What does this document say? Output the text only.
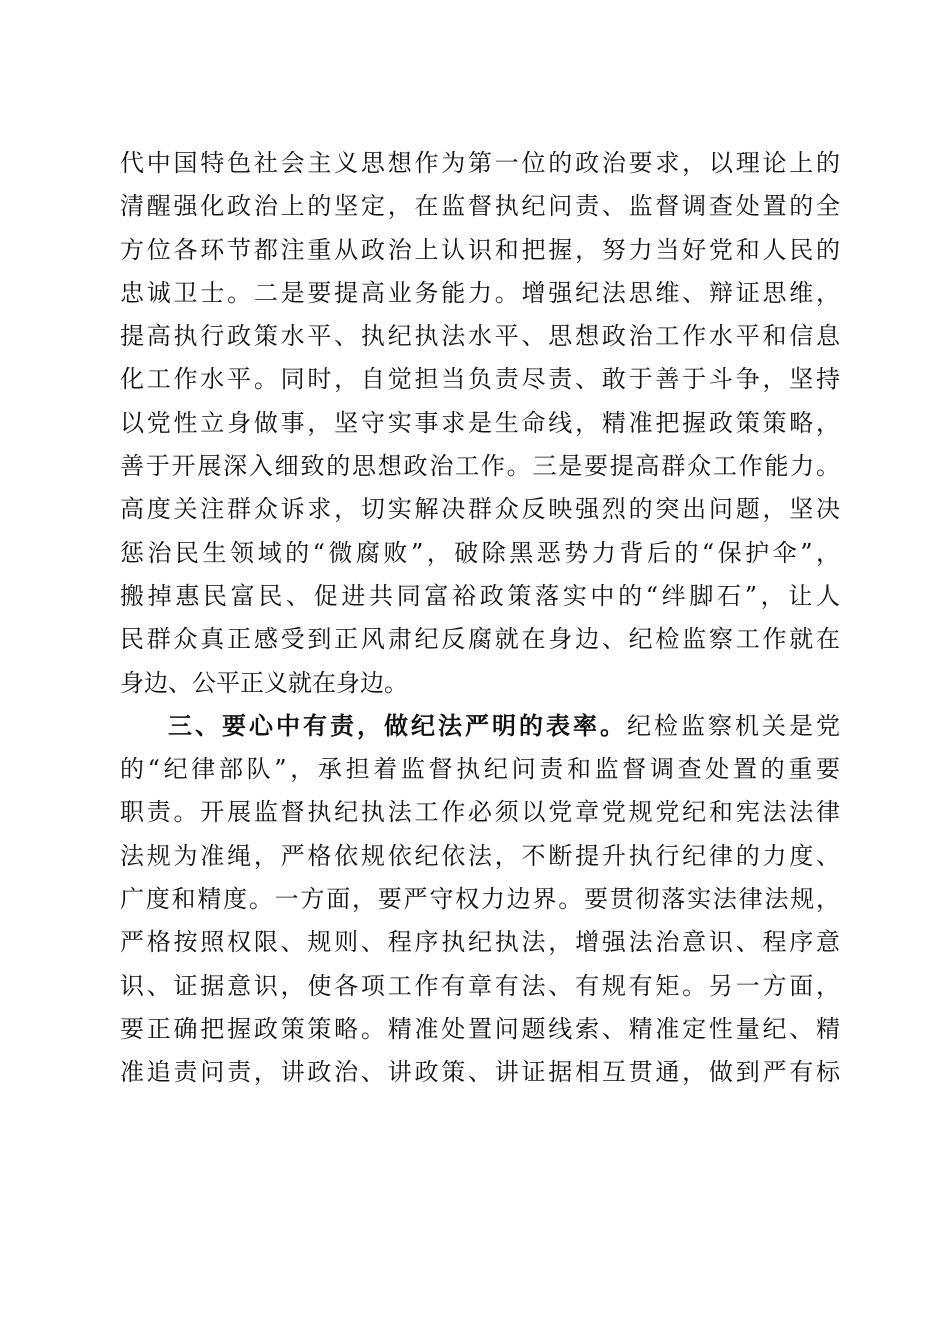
代中国特色社会主义思想作为第一位的政治要求，以理论上的
清醒强化政治上的坚定，在监督执纪问责、监督调查处置的全
方位各环节都注重从政治上认识和把握，努力当好党和人民的
忠诚卫士。二是要提高业务能力。增强纪法思维、辩证思维，
提高执行政策水平、执纪执法水平、思想政治工作水平和信息
化工作水平。同时，自觉担当负责尽责、敢于善于斗争，坚持
以党性立身做事，坚守实事求是生命线，精准把握政策策略，
善于开展深入细致的思想政治工作。三是要提高群众工作能力。
高度关注群众诉求，切实解决群众反映强烈的突出问题，坚决
惩治民生领域的“微腐败”，破除黑恶势力背后的“保护伞”，
搬掉惠民富民、促进共同富裕政策落实中的“绊脚石”，让人
民群众真正感受到正风肃纪反腐就在身边、纪检监察工作就在
身边、公平正义就在身边。
三、要心中有责，做纪法严明的表率。纪检监察机关是党
的“纪律部队”，承担着监督执纪问责和监督调查处置的重要
职责。开展监督执纪执法工作必须以党章党规党纪和宪法法律
法规为准绳，严格依规依纪依法，不断提升执行纪律的力度、
广度和精度。一方面，要严守权力边界。要贯彻落实法律法规，
严格按照权限、规则、程序执纪执法，增强法治意识、程序意
识、证据意识，使各项工作有章有法、有规有矩。另一方面，
要正确把握政策策略。精准处置问题线索、精准定性量纪、精
准追责问责，讲政治、讲政策、讲证据相互贯通，做到严有标
